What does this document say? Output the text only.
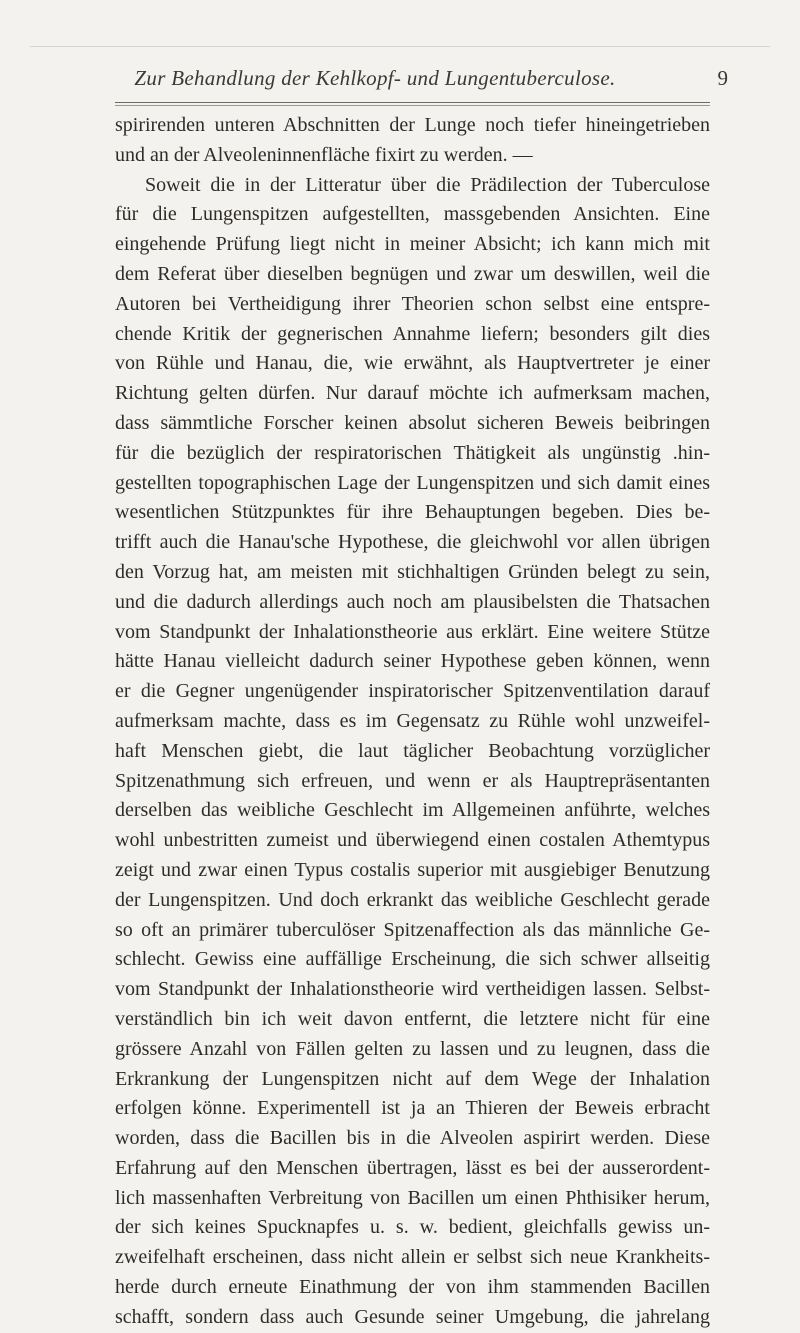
Zur Behandlung der Kehlkopf- und Lungentuberculose.	9
spirirenden unteren Abschnitten der Lunge noch tiefer hineingetrieben
und an der Alveoleninnenfläche fixirt zu werden. —
Soweit die in der Litteratur über die Prädilection der Tuberculose
für die Lungenspitzen aufgestellten, massgebenden Ansichten. Eine
eingehende Prüfung liegt nicht in meiner Absicht; ich kann mich mit
dem Referat über dieselben begnügen und zwar um deswillen, weil die
Autoren bei Vertheidigung ihrer Theorien schon selbst eine entspre-
chende Kritik der gegnerischen Annahme liefern; besonders gilt dies
von Rühle und Hanau, die, wie erwähnt, als Hauptvertreter je einer
Richtung gelten dürfen. Nur darauf möchte ich aufmerksam machen,
dass sämmtliche Forscher keinen absolut sicheren Beweis beibringen
für die bezüglich der respiratorischen Thätigkeit als ungünstig .hin-
gestellten topographischen Lage der Lungenspitzen und sich damit eines
wesentlichen Stützpunktes für ihre Behauptungen begeben. Dies be-
trifft auch die Hanau'sche Hypothese, die gleichwohl vor allen übrigen
den Vorzug hat, am meisten mit stichhaltigen Gründen belegt zu sein,
und die dadurch allerdings auch noch am plausibelsten die Thatsachen
vom Standpunkt der Inhalationstheorie aus erklärt. Eine weitere Stütze
hätte Hanau vielleicht dadurch seiner Hypothese geben können, wenn
er die Gegner ungenügender inspiratorischer Spitzenventilation darauf
aufmerksam machte, dass es im Gegensatz zu Rühle wohl unzweifel-
haft Menschen giebt, die laut täglicher Beobachtung vorzüglicher
Spitzenathmung sich erfreuen, und wenn er als Hauptrepräsentanten
derselben das weibliche Geschlecht im Allgemeinen anführte, welches
wohl unbestritten zumeist und überwiegend einen costalen Athemtypus
zeigt und zwar einen Typus costalis superior mit ausgiebiger Benutzung
der Lungenspitzen. Und doch erkrankt das weibliche Geschlecht gerade
so oft an primärer tuberculöser Spitzenaffection als das männliche Ge-
schlecht. Gewiss eine auffällige Erscheinung, die sich schwer allseitig
vom Standpunkt der Inhalationstheorie wird vertheidigen lassen. Selbst-
verständlich bin ich weit davon entfernt, die letztere nicht für eine
grössere Anzahl von Fällen gelten zu lassen und zu leugnen, dass die
Erkrankung der Lungenspitzen nicht auf dem Wege der Inhalation
erfolgen könne. Experimentell ist ja an Thieren der Beweis erbracht
worden, dass die Bacillen bis in die Alveolen aspirirt werden. Diese
Erfahrung auf den Menschen übertragen, lässt es bei der ausserordent-
lich massenhaften Verbreitung von Bacillen um einen Phthisiker herum,
der sich keines Spucknapfes u. s. w. bedient, gleichfalls gewiss un-
zweifelhaft erscheinen, dass nicht allein er selbst sich neue Krankheits-
herde durch erneute Einathmung der von ihm stammenden Bacillen
schafft, sondern dass auch Gesunde seiner Umgebung, die jahrelang
